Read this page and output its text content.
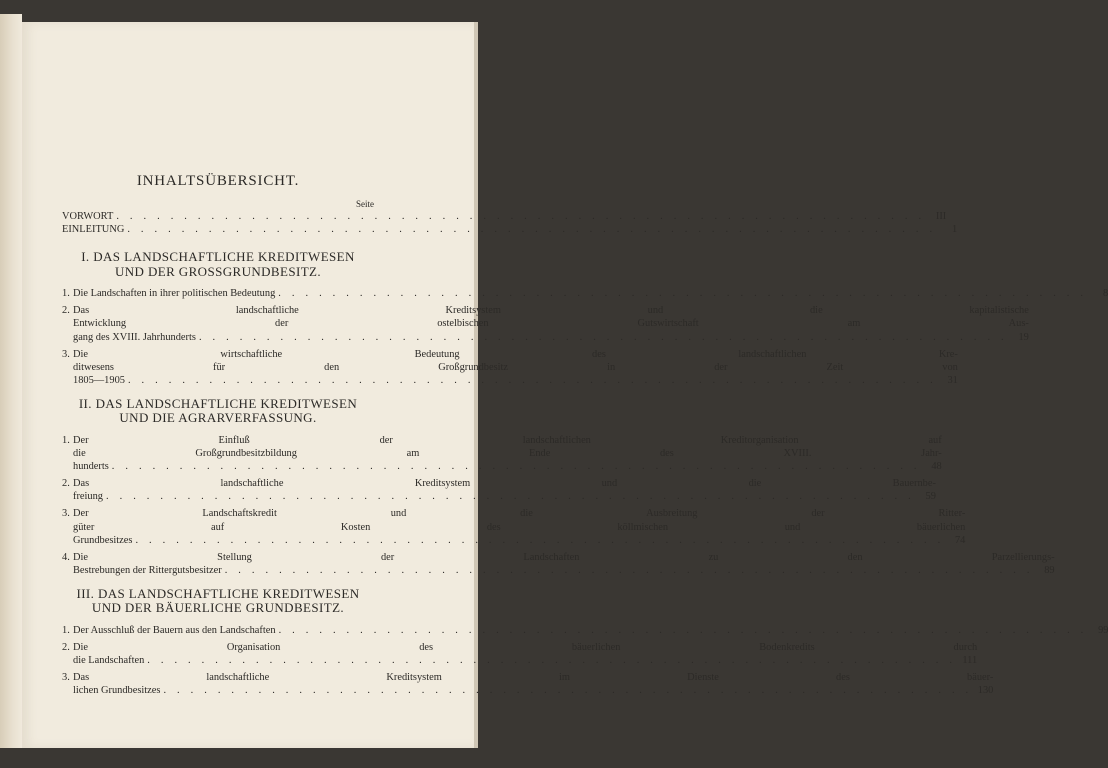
INHALTSÜBERSICHT.
Seite
VORWORT . . .	III
EINLEITUNG . . .	1
I. DAS LANDSCHAFTLICHE KREDITWESEN
UND DER GROSSGRUNDBESITZ.
1. Die Landschaften in ihrer politischen Bedeutung . . .	8
2. Das landschaftliche Kreditsystem und die kapitalistische
Entwicklung der ostelbischen Gutswirtschaft am Aus-
gang des XVIII. Jahrhunderts . . .	19
3. Die wirtschaftliche Bedeutung des landschaftlichen Kre-
ditwesens für den Großgrundbesitz in der Zeit von
1805—1905 . . .	31
II. DAS LANDSCHAFTLICHE KREDITWESEN
UND DIE AGRARVERFASSUNG.
1. Der Einfluß der landschaftlichen Kreditorganisation auf
die Großgrundbesitzbildung am Ende des XVIII. Jahr-
hunderts . . .	48
2. Das landschaftliche Kreditsystem und die Bauernbe-
freiung . . .	59
3. Der Landschaftskredit und die Ausbreitung der Ritter-
güter auf Kosten des köllmischen und bäuerlichen
Grundbesitzes . . .	74
4. Die Stellung der Landschaften zu den Parzellierungs-
Bestrebungen der Rittergutsbesitzer . . .	89
III. DAS LANDSCHAFTLICHE KREDITWESEN
UND DER BÄUERLICHE GRUNDBESITZ.
1. Der Ausschluß der Bauern aus den Landschaften . . .	99
2. Die Organisation des bäuerlichen Bodenkredits durch
die Landschaften . . .	111
3. Das landschaftliche Kreditsystem im Dienste des bäuer-
lichen Grundbesitzes . . .	130
